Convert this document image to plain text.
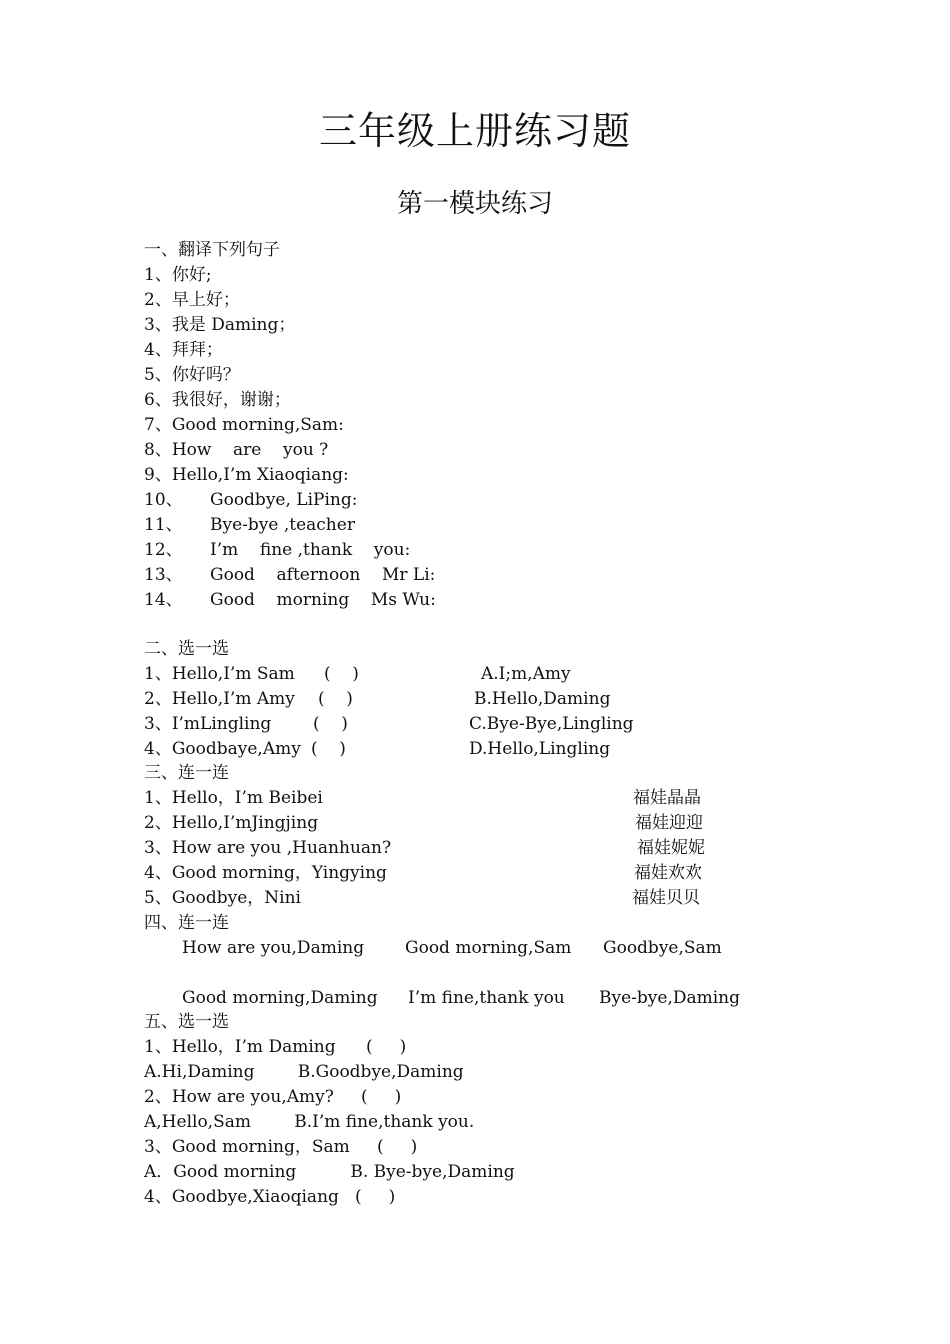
三年级上册练习题
第一模块练习
一、翻译下列句子
1、你好;
2、早上好；
3、我是 Daming；
4、拜拜；
5、你好吗？
6、我很好，谢谢；
7、Good morning,Sam:
8、How    are    you ?
9、Hello,I’m Xiaoqiang:
10、 Goodbye, LiPing:
11、 Bye-bye ,teacher
12、 I’m    fine ,thank    you:
13、 Good    afternoon    Mr Li:
14、 Good    morning    Ms Wu:
二、选一选
1、Hello,I’m Sam (    )	A.I;m,Amy
2、Hello,I’m Amy (    )	B.Hello,Daming
3、I’mLingling (    )	C.Bye-Bye,Lingling
4、Goodbaye,Amy (    )	D.Hello,Lingling
三、连一连
1、Hello，I’m Beibei	福娃晶晶
2、Hello,I’mJingjing	福娃迎迎
3、How are you ,Huanhuan?	福娃妮妮
4、Good morning，Yingying	福娃欢欢
5、Goodbye，Nini	福娃贝贝
四、连一连
How are you,Daming Good morning,Sam Goodbye,Sam
Good morning,Daming I’m fine,thank you Bye-bye,Daming
五、选一选
1、Hello，I’m Daming (     )
A.Hi,Daming        B.Goodbye,Daming
2、How are you,Amy? (     )
A,Hello,Sam        B.I’m fine,thank you.
3、Good morning，Sam (     )
A．Good morning          B. Bye-bye,Daming
4、Goodbye,Xiaoqiang (     )
